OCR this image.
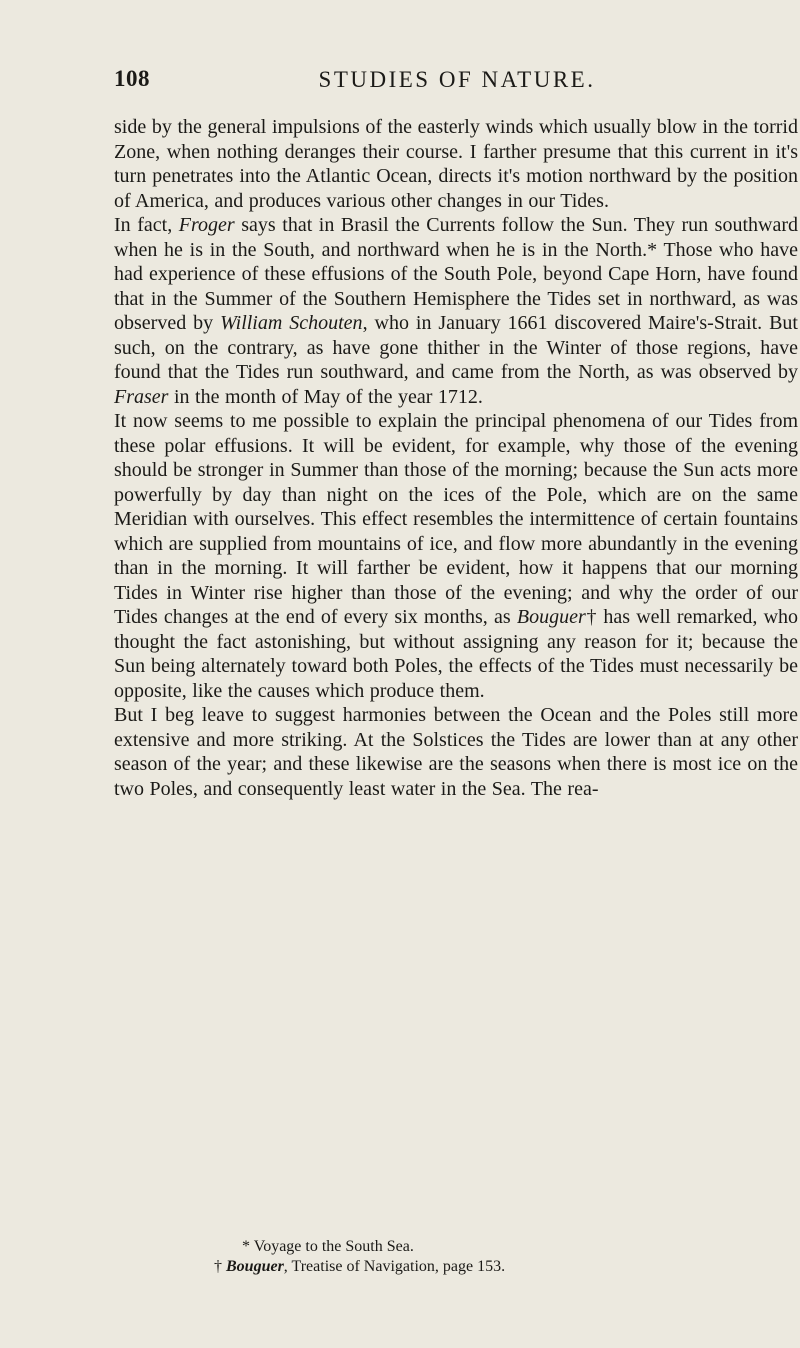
108	STUDIES OF NATURE.

side by the general impulsions of the easterly winds which usually blow in the torrid Zone, when nothing deranges their course. I farther presume that this current in it's turn penetrates into the Atlantic Ocean, directs it's motion northward by the position of America, and produces various other changes in our Tides.

In fact, Froger says that in Brasil the Currents follow the Sun. They run southward when he is in the South, and northward when he is in the North.* Those who have had experience of these effusions of the South Pole, beyond Cape Horn, have found that in the Summer of the Southern Hemisphere the Tides set in northward, as was observed by William Schouten, who in January 1661 discovered Maire's-Strait. But such, on the contrary, as have gone thither in the Winter of those regions, have found that the Tides run southward, and came from the North, as was observed by Fraser in the month of May of the year 1712.

It now seems to me possible to explain the principal phenomena of our Tides from these polar effusions. It will be evident, for example, why those of the evening should be stronger in Summer than those of the morning; because the Sun acts more powerfully by day than night on the ices of the Pole, which are on the same Meridian with ourselves. This effect resembles the intermittence of certain fountains which are supplied from mountains of ice, and flow more abundantly in the evening than in the morning. It will farther be evident, how it happens that our morning Tides in Winter rise higher than those of the evening; and why the order of our Tides changes at the end of every six months, as Bouguer† has well remarked, who thought the fact astonishing, but without assigning any reason for it; because the Sun being alternately toward both Poles, the effects of the Tides must necessarily be opposite, like the causes which produce them.

But I beg leave to suggest harmonies between the Ocean and the Poles still more extensive and more striking. At the Solstices the Tides are lower than at any other season of the year; and these likewise are the seasons when there is most ice on the two Poles, and consequently least water in the Sea. The rea-

* Voyage to the South Sea.

† Bouguer, Treatise of Navigation, page 153.
